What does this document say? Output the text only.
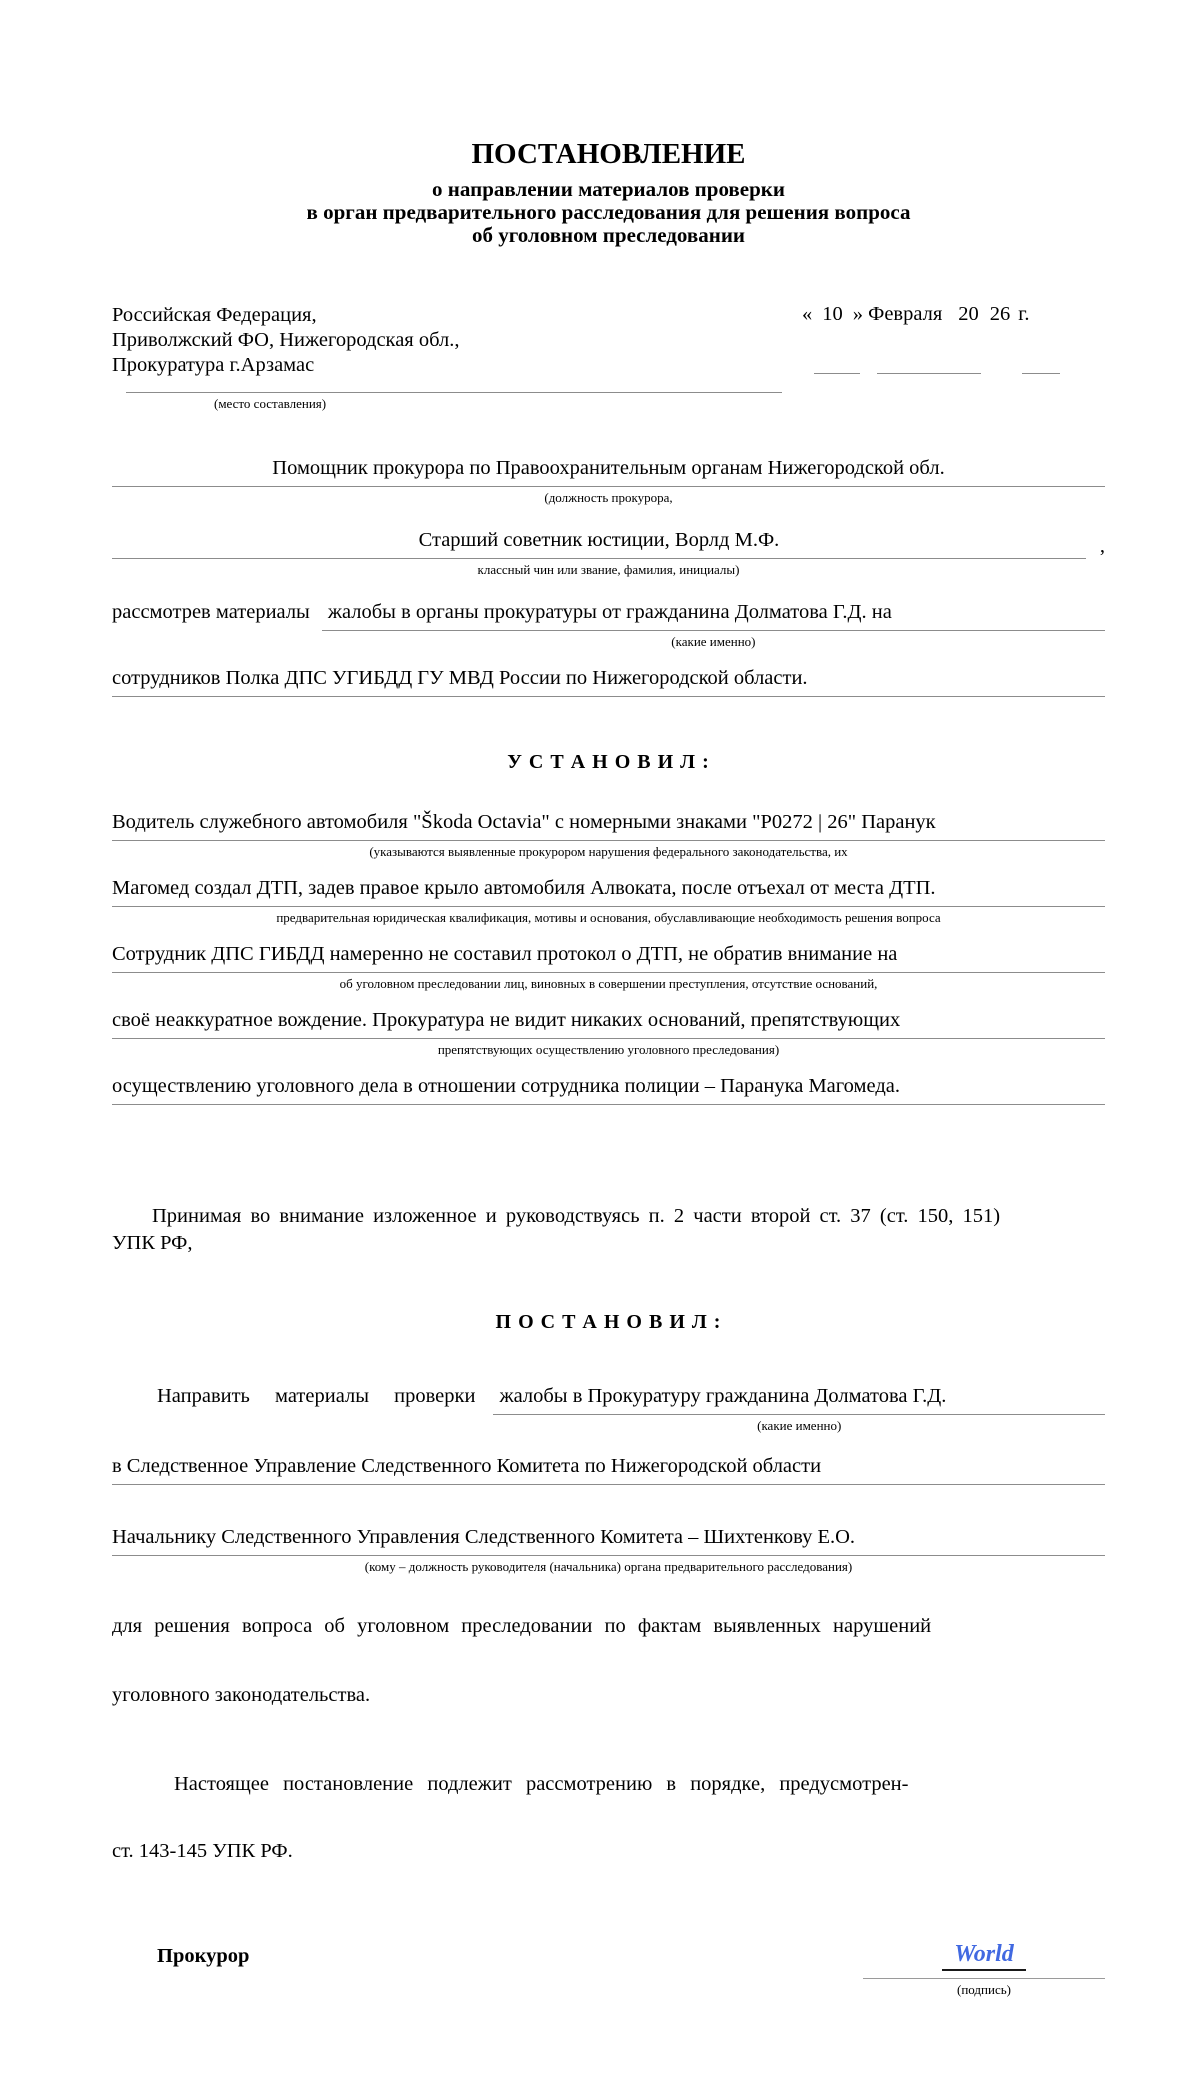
ПОСТАНОВЛЕНИЕ
о направлении материалов проверки
в орган предварительного расследования для решения вопроса
об уголовном преследовании
Российская Федерация,
Приволжский ФО, Нижегородская обл.,
Прокуратура г.Арзамас
(место составления)
« 10 » Февраля 20 26 г.
Помощник прокурора по Правоохранительным органам Нижегородской обл.
(должность прокурора,
Старший советник юстиции, Ворлд М.Ф.	,
классный чин или звание, фамилия, инициалы)
рассмотрев материалы жалобы в органы прокуратуры от гражданина Долматова Г.Д. на
(какие именно)
сотрудников Полка ДПС УГИБДД ГУ МВД России по Нижегородской области.
У С Т А Н О В И Л :
Водитель служебного автомобиля "Škoda Octavia" с номерными знаками "Р0272 | 26" Паранук
(указываются выявленные прокурором нарушения федерального законодательства, их
Магомед создал ДТП, задев правое крыло автомобиля Алвоката, после отъехал от места ДТП.
предварительная юридическая квалификация, мотивы и основания, обуславливающие необходимость решения вопроса
Сотрудник ДПС ГИБДД намеренно не составил протокол о ДТП, не обратив внимание на
об уголовном преследовании лиц, виновных в совершении преступления, отсутствие оснований,
своё неаккуратное вождение. Прокуратура не видит никаких оснований, препятствующих
препятствующих осуществлению уголовного преследования)
осуществлению уголовного дела в отношении сотрудника полиции – Паранука Магомеда.
Принимая во внимание изложенное и руководствуясь п. 2 части второй ст. 37 (ст. 150, 151)
УПК РФ,
П О С Т А Н О В И Л :
Направить материалы проверки жалобы в Прокуратуру гражданина Долматова Г.Д.
(какие именно)
в Следственное Управление Следственного Комитета по Нижегородской области
Начальнику Следственного Управления Следственного Комитета – Шихтенкову Е.О.
(кому – должность руководителя (начальника) органа предварительного расследования)
для решения вопроса об уголовном преследовании по фактам выявленных нарушений
уголовного законодательства.
Настоящее постановление подлежит рассмотрению в порядке, предусмотрен-
ст. 143-145 УПК РФ.
Прокурор	World
(подпись)
